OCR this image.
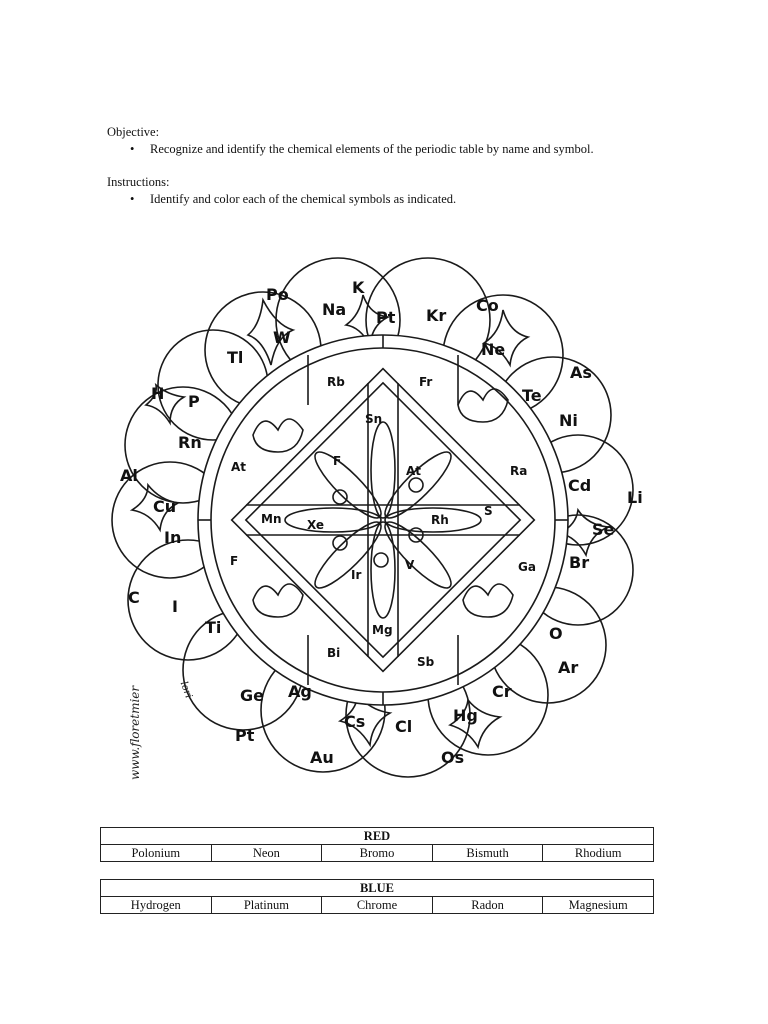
Objective:
• Recognize and identify the chemical elements of the periodic table by name and symbol.
Instructions:
• Identify and color each of the chemical symbols as indicated.
Po
Na
K
Pt Kr
Co
W
Ne
Tl
As
Te
H P
Ni
Rn
Al
Cd
Li
Cu
Se
In
Br
C I
Ti	O
Ar
Ge Ag	Cr
Hg
Cs Cl
Pt
Au	Os
Rb	Fr
Sn
At	F
At	Ra
S
Mn Xe	Rh
F
Ir
V	Ga
Mg
Bi
Sb
www.floretmier	lori
RED
Polonium	Neon	Bromo	Bismuth	Rhodium
BLUE
Hydrogen	Platinum	Chrome	Radon	Magnesium
